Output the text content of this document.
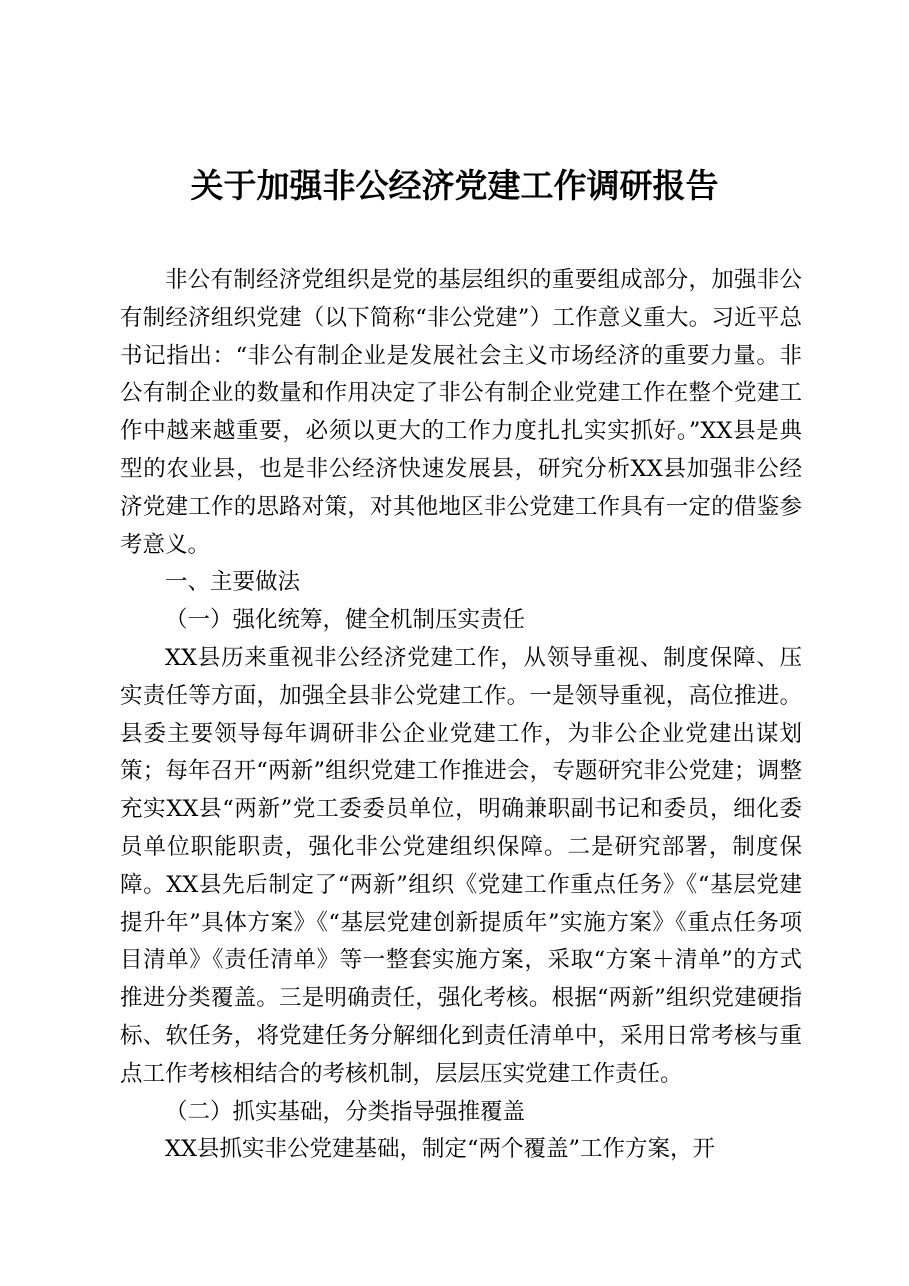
关于加强非公经济党建工作调研报告

非公有制经济党组织是党的基层组织的重要组成部分，加强非公有制经济组织党建（以下简称“非公党建”）工作意义重大。习近平总书记指出：“非公有制企业是发展社会主义市场经济的重要力量。非公有制企业的数量和作用决定了非公有制企业党建工作在整个党建工作中越来越重要，必须以更大的工作力度扎扎实实抓好。”XX县是典型的农业县，也是非公经济快速发展县，研究分析XX县加强非公经济党建工作的思路对策，对其他地区非公党建工作具有一定的借鉴参考意义。

一、主要做法

（一）强化统筹，健全机制压实责任

XX县历来重视非公经济党建工作，从领导重视、制度保障、压实责任等方面，加强全县非公党建工作。一是领导重视，高位推进。县委主要领导每年调研非公企业党建工作，为非公企业党建出谋划策；每年召开“两新”组织党建工作推进会，专题研究非公党建；调整充实XX县“两新”党工委委员单位，明确兼职副书记和委员，细化委员单位职能职责，强化非公党建组织保障。二是研究部署，制度保障。XX县先后制定了“两新”组织《党建工作重点任务》《“基层党建提升年”具体方案》《“基层党建创新提质年”实施方案》《重点任务项目清单》《责任清单》等一整套实施方案，采取“方案＋清单”的方式推进分类覆盖。三是明确责任，强化考核。根据“两新”组织党建硬指标、软任务，将党建任务分解细化到责任清单中，采用日常考核与重点工作考核相结合的考核机制，层层压实党建工作责任。

（二）抓实基础，分类指导强推覆盖

XX县抓实非公党建基础，制定“两个覆盖”工作方案，开
